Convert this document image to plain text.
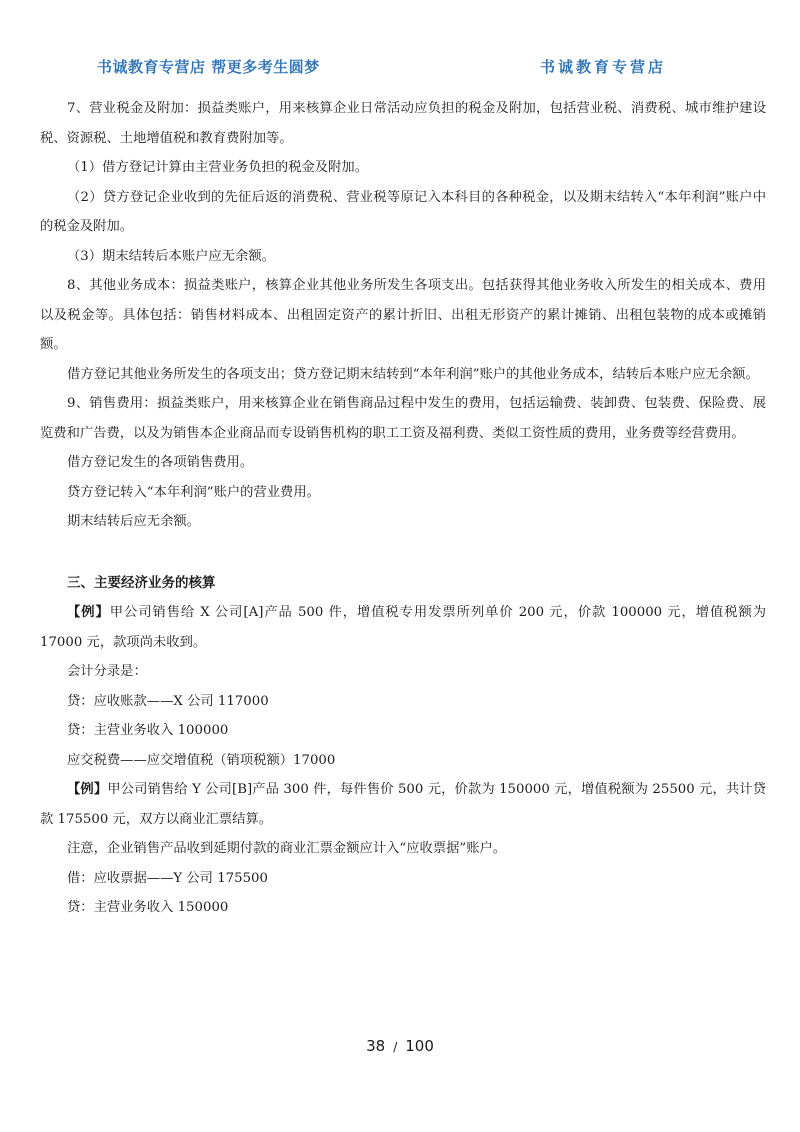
书诚教育专营店 帮更多考生圆梦	书诚教育专营店

7、营业税金及附加：损益类账户，用来核算企业日常活动应负担的税金及附加，包括营业税、消费税、城市维护建设税、资源税、土地增值税和教育费附加等。

（1）借方登记计算由主营业务负担的税金及附加。

（2）贷方登记企业收到的先征后返的消费税、营业税等原记入本科目的各种税金，以及期末结转入“本年利润”账户中的税金及附加。

（3）期末结转后本账户应无余额。

8、其他业务成本：损益类账户，核算企业其他业务所发生各项支出。包括获得其他业务收入所发生的相关成本、费用以及税金等。具体包括：销售材料成本、出租固定资产的累计折旧、出租无形资产的累计摊销、出租包装物的成本或摊销额。

借方登记其他业务所发生的各项支出；贷方登记期末结转到“本年利润”账户的其他业务成本，结转后本账户应无余额。

9、销售费用：损益类账户，用来核算企业在销售商品过程中发生的费用，包括运输费、装卸费、包装费、保险费、展览费和广告费，以及为销售本企业商品而专设销售机构的职工工资及福利费、类似工资性质的费用，业务费等经营费用。

借方登记发生的各项销售费用。

贷方登记转入“本年利润”账户的营业费用。

期末结转后应无余额。

三、主要经济业务的核算

【例】甲公司销售给 X 公司[A]产品 500 件，增值税专用发票所列单价 200 元，价款 100000 元，增值税额为 17000 元，款项尚未收到。

会计分录是：

贷：应收账款——X 公司 117000

贷：主营业务收入 100000

应交税费——应交增值税（销项税额）17000

【例】甲公司销售给 Y 公司[B]产品 300 件，每件售价 500 元，价款为 150000 元，增值税额为 25500 元，共计贷款 175500 元，双方以商业汇票结算。

注意，企业销售产品收到延期付款的商业汇票金额应计入“应收票据”账户。

借：应收票据——Y 公司 175500

贷：主营业务收入 150000

38 / 100
